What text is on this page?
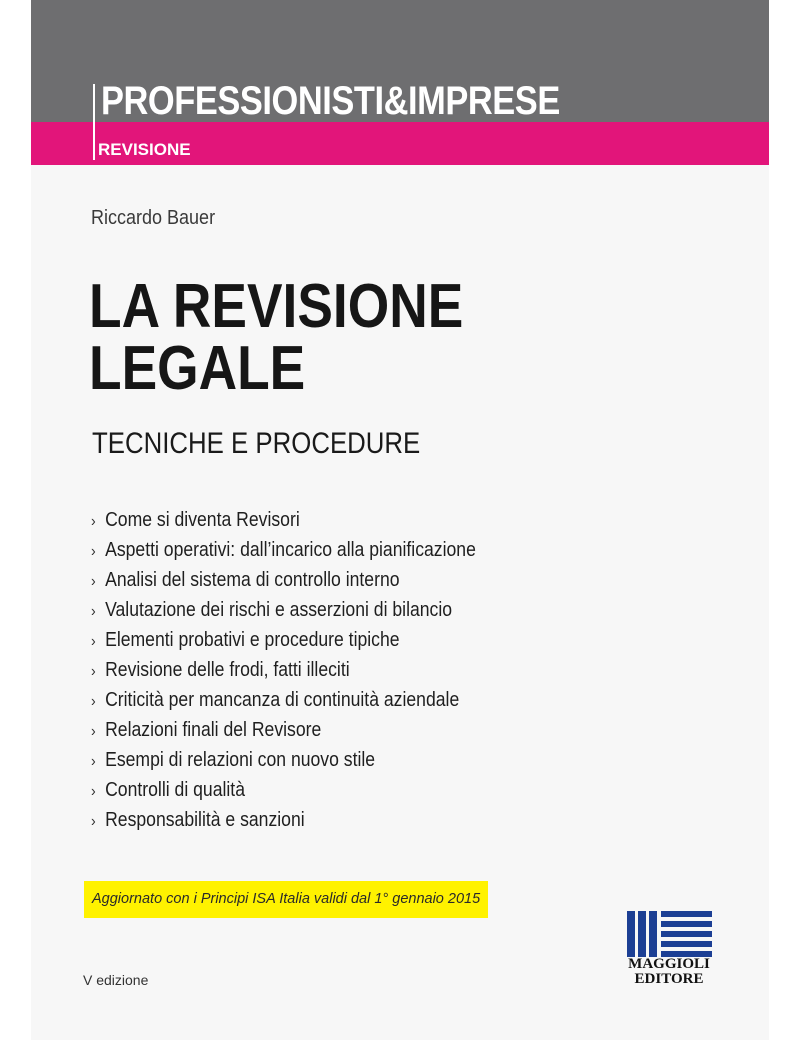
PROFESSIONISTI&IMPRESE
REVISIONE
Riccardo Bauer
LA REVISIONE
LEGALE
TECNICHE E PROCEDURE
› Come si diventa Revisori
› Aspetti operativi: dall’incarico alla pianificazione
› Analisi del sistema di controllo interno
› Valutazione dei rischi e asserzioni di bilancio
› Elementi probativi e procedure tipiche
› Revisione delle frodi, fatti illeciti
› Criticità per mancanza di continuità aziendale
› Relazioni finali del Revisore
› Esempi di relazioni con nuovo stile
› Controlli di qualità
› Responsabilità e sanzioni
Aggiornato con i Principi ISA Italia validi dal 1° gennaio 2015
V edizione
MAGGIOLI
EDITORE
